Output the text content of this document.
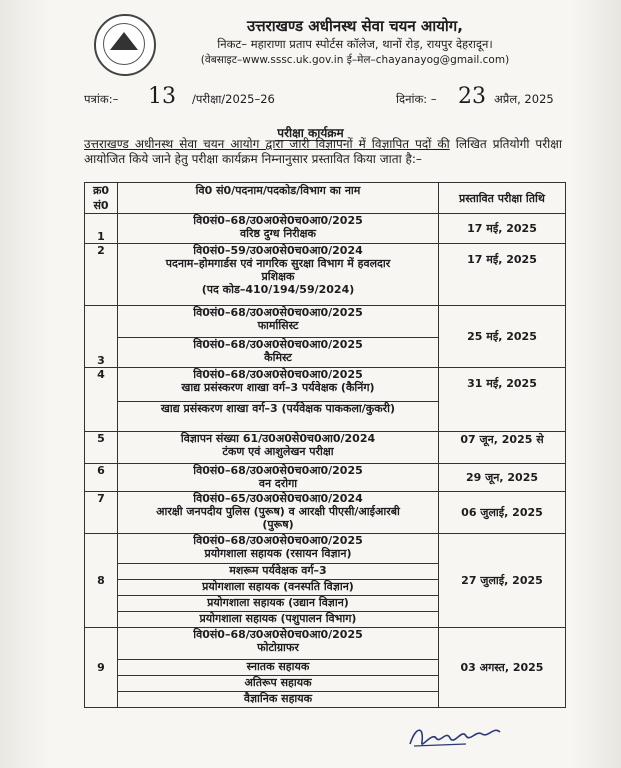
उत्तराखण्ड अधीनस्थ सेवा चयन आयोग,
निकट– महाराणा प्रताप स्पोर्टस कॉलेज, थानों रोड़, रायपुर देहरादून।
(वेबसाइट–www.sssc.uk.gov.in ई–मेल–chayanayog@gmail.com)
पत्रांक:– 13 /परीक्षा/2025–26	दिनांक: – 23 अप्रैल, 2025
परीक्षा कार्यक्रम
उत्तराखण्ड अधीनस्थ सेवा चयन आयोग द्वारा जारी विज्ञापनों में विज्ञापित पदों की लिखित प्रतियोगी परीक्षा आयोजित किये जाने हेतु परीक्षा कार्यक्रम निम्नानुसार प्रस्तावित किया जाता है:–
क्र0
सं0	वि0 सं0/पदनाम/पदकोड/विभाग का नाम	प्रस्तावित परीक्षा तिथि
1	वि0सं0–68/उ0अ0से0च0आ0/2025
वरिष्ठ दुग्ध निरीक्षक	17 मई, 2025
2	वि0सं0–59/उ0अ0से0च0आ0/2024
पदनाम–होमगार्डस एवं नागरिक सुरक्षा विभाग में हवलदार
प्रशिक्षक
(पद कोड–410/194/59/2024)	17 मई, 2025
3	वि0सं0–68/उ0अ0से0च0आ0/2025
फार्मासिस्ट	25 मई, 2025

	वि0सं0–68/उ0अ0से0च0आ0/2025
कैमिस्ट	

4	वि0सं0–68/उ0अ0से0च0आ0/2025
खाद्य प्रसंस्करण शाखा वर्ग–3 पर्यवेक्षक (कैनिंग)	31 मई, 2025

	खाद्य प्रसंस्करण शाखा वर्ग–3 (पर्यवेक्षक पाककला/कुकरी)	

5	विज्ञापन संख्या 61/उ0अ0से0च0आ0/2024
टंकण एवं आशुलेखन परीक्षा	07 जून, 2025 से
6	वि0सं0–68/उ0अ0से0च0आ0/2025
वन दरोगा	29 जून, 2025
7	वि0सं0–65/उ0अ0से0च0आ0/2024
आरक्षी जनपदीय पुलिस (पुरूष) व आरक्षी पीएसी/आईआरबी
(पुरूष)	06 जुलाई, 2025
8	वि0सं0–68/उ0अ0से0च0आ0/2025
प्रयोगशाला सहायक (रसायन विज्ञान)	27 जुलाई, 2025

	मशरूम पर्यवेक्षक वर्ग–3	

	प्रयोगशाला सहायक (वनस्पति विज्ञान)	

	प्रयोगशाला सहायक (उद्यान विज्ञान)	

	प्रयोगशाला सहायक (पशुपालन विभाग)	

9	वि0सं0–68/उ0अ0से0च0आ0/2025
फोटोग्राफर	03 अगस्त, 2025

	स्नातक सहायक	

	अतिरूप सहायक	

	वैज्ञानिक सहायक	
